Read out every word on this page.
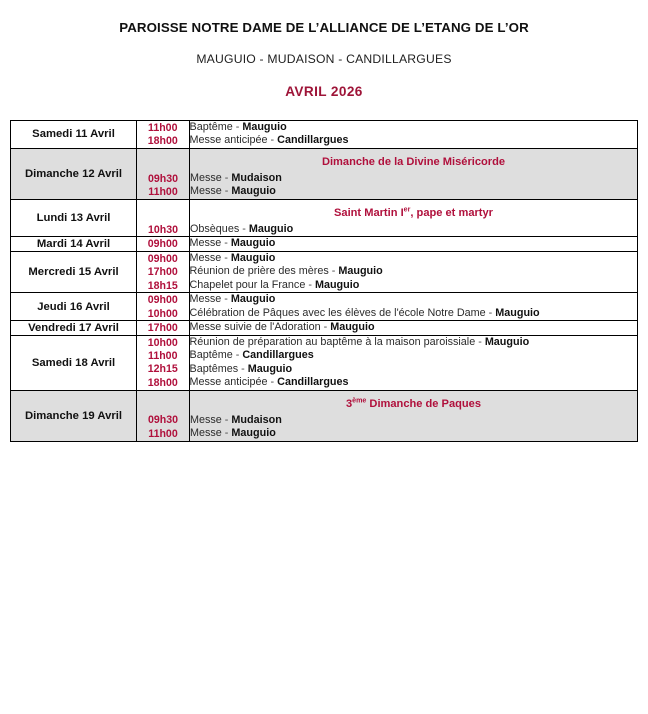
PAROISSE NOTRE DAME DE L’ALLIANCE DE L’ETANG DE L’OR
MAUGUIO - MUDAISON - CANDILLARGUES
AVRIL 2026
Samedi 11 Avril	
11h00	Baptême - Mauguio
18h00	Messe anticipée - Candillargues

Dimanche 12 Avril	
	Dimanche de la Divine Miséricorde
09h30	Messe - Mudaison
11h00	Messe - Mauguio

Lundi 13 Avril	
		Saint Martin Ier, pape et martyr
10h30	Obsèques - Mauguio

Mardi 14 Avril		09h00	Messe - Mauguio

Mercredi 15 Avril	
09h00	Messe - Mauguio
17h00	Réunion de prière des mères - Mauguio
18h15	Chapelet pour la France - Mauguio

Jeudi 16 Avril	
09h00	Messe - Mauguio
10h00	Célébration de Pâques avec les élèves de l'école Notre Dame - Mauguio

Vendredi 17 Avril		17h00	Messe suivie de l'Adoration - Mauguio

Samedi 18 Avril	
10h00	Réunion de préparation au baptême à la maison paroissiale - Mauguio
11h00	Baptême - Candillargues
12h15	Baptêmes - Mauguio
18h00	Messe anticipée - Candillargues

Dimanche 19 Avril	
	3ème Dimanche de Paques
09h30	Messe - Mudaison
11h00	Messe - Mauguio
